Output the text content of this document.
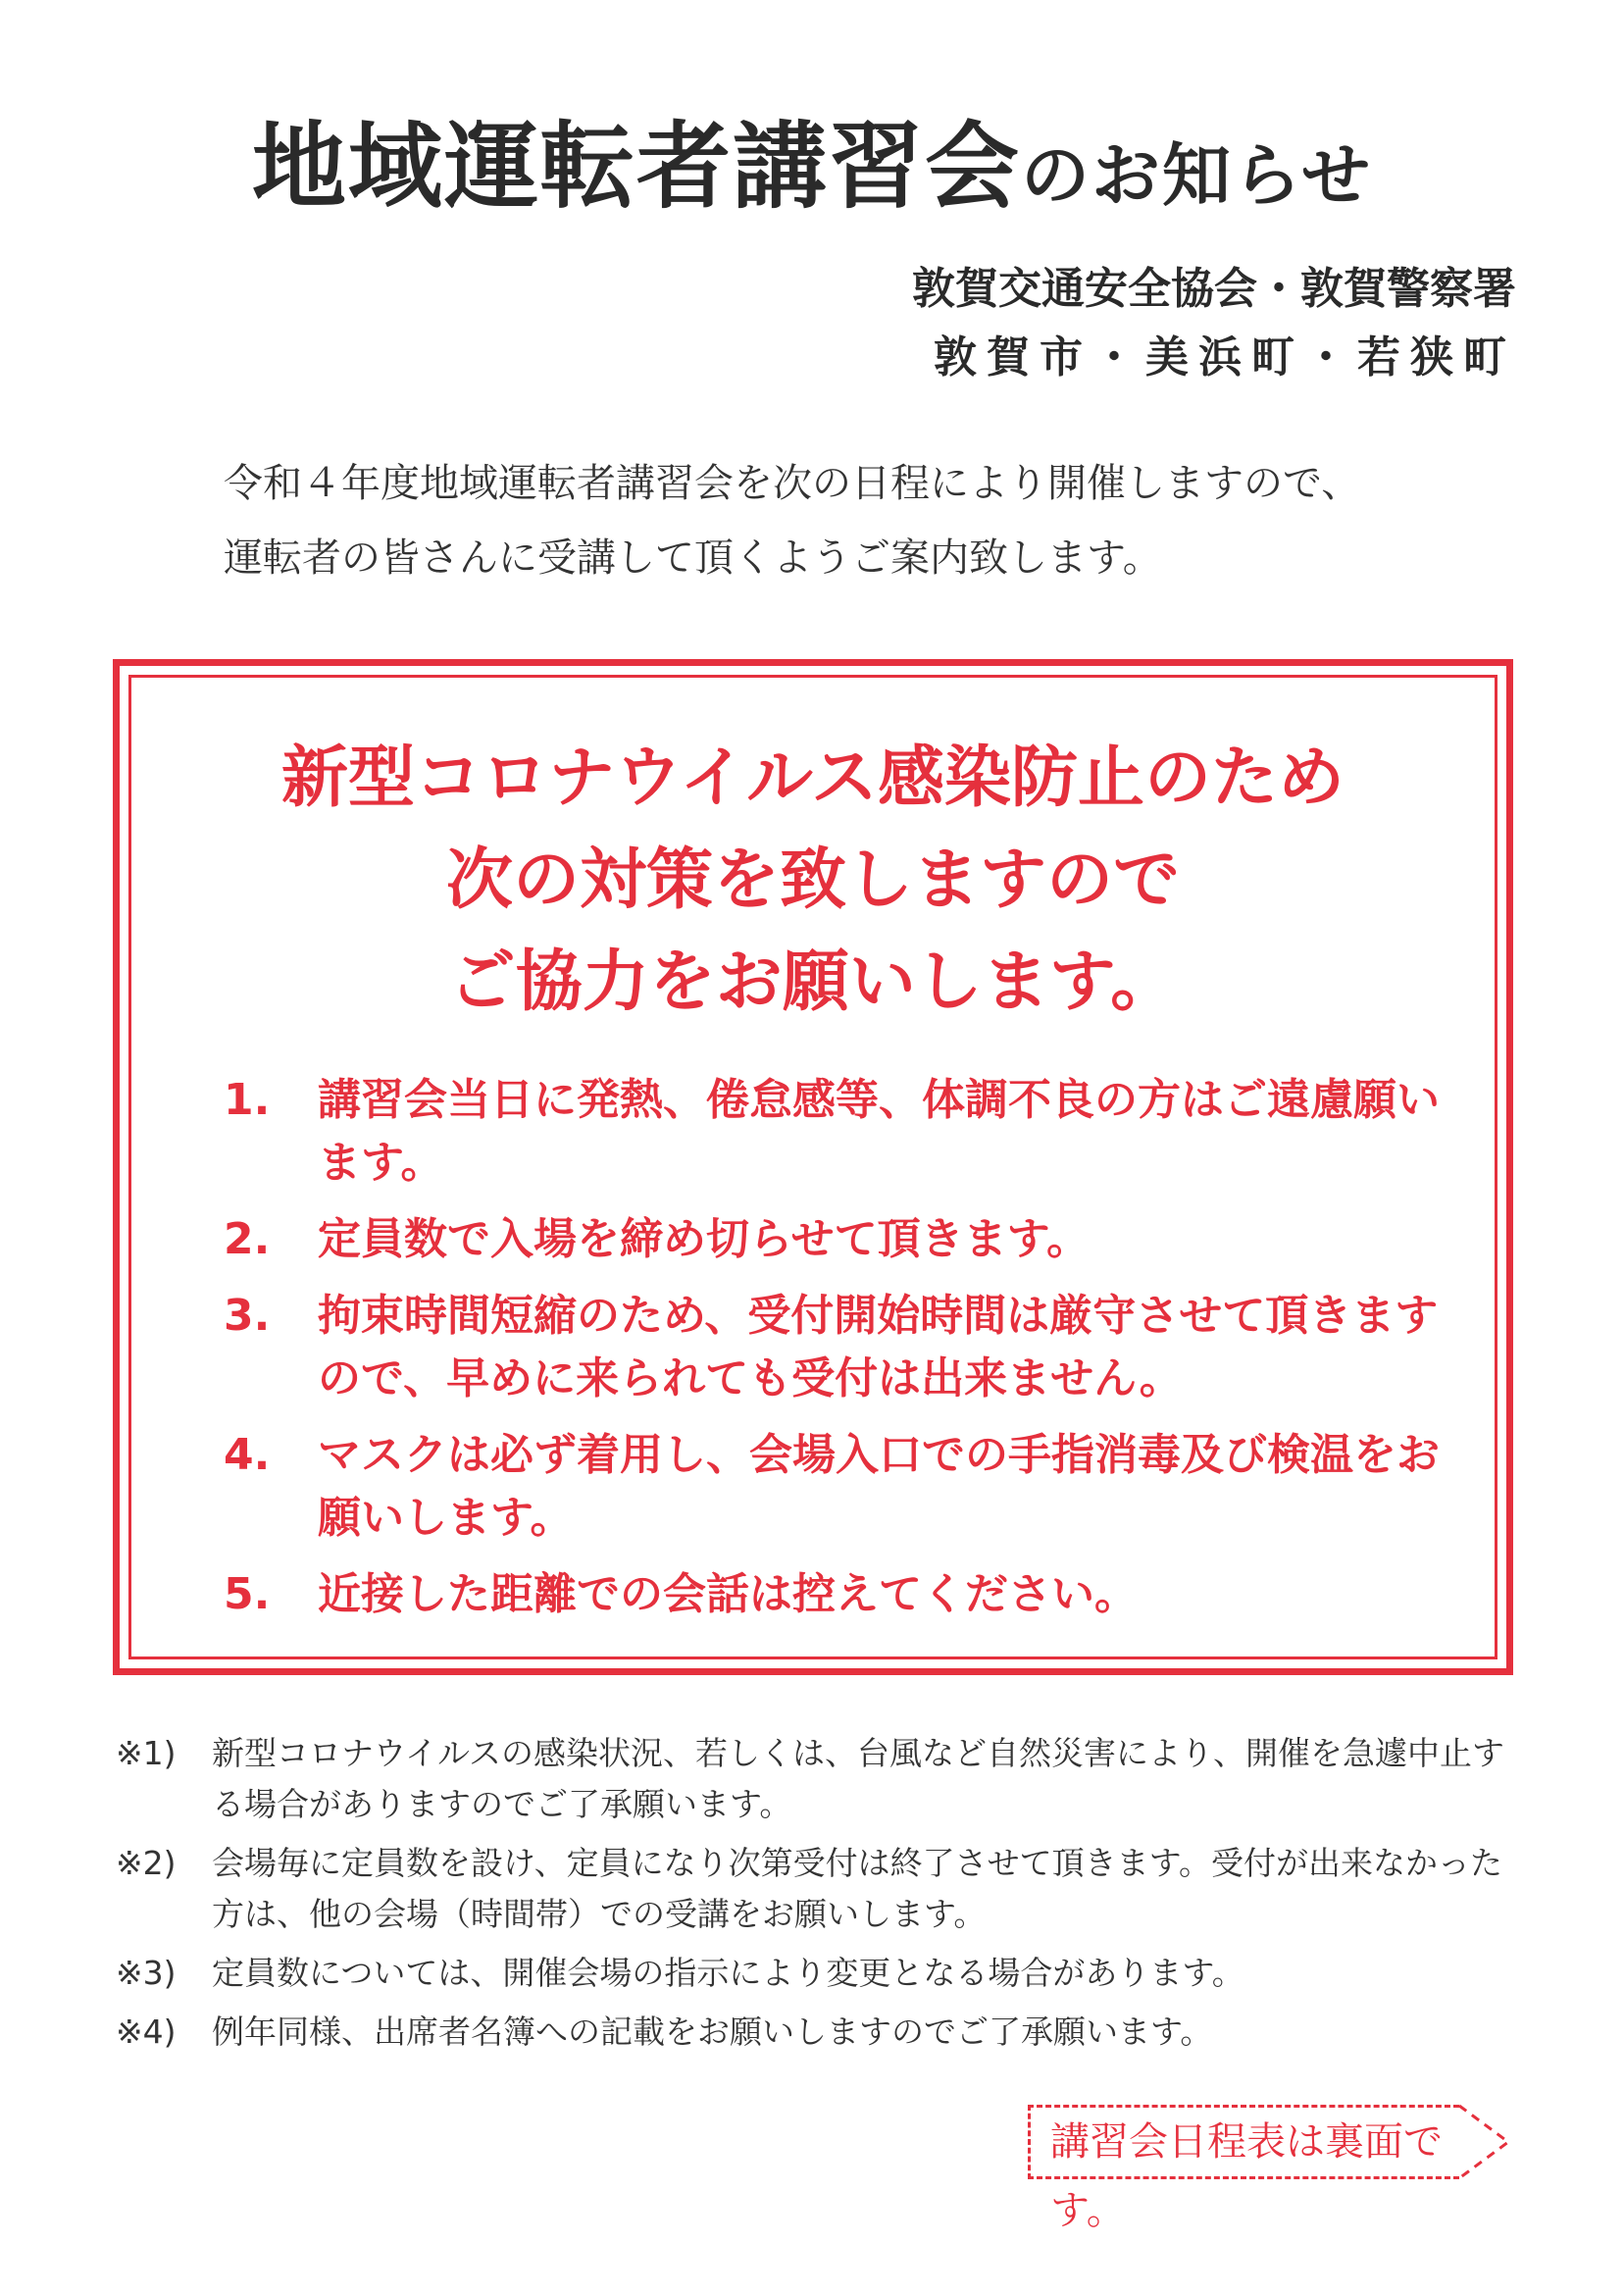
地域運転者講習会のお知らせ
敦賀交通安全協会・敦賀警察署
敦賀市・美浜町・若狭町
令和４年度地域運転者講習会を次の日程により開催しますので、
運転者の皆さんに受講して頂くようご案内致します。
新型コロナウイルス感染防止のため
次の対策を致しますので
ご協力をお願いします。
1.	講習会当日に発熱、倦怠感等、体調不良の方はご遠慮願います。
2.	定員数で入場を締め切らせて頂きます。
3.	拘束時間短縮のため、受付開始時間は厳守させて頂きますので、早めに来られても受付は出来ません。
4.	マスクは必ず着用し、会場入口での手指消毒及び検温をお願いします。
5.	近接した距離での会話は控えてください。
※1)	新型コロナウイルスの感染状況、若しくは、台風など自然災害により、開催を急遽中止する場合がありますのでご了承願います。
※2)	会場毎に定員数を設け、定員になり次第受付は終了させて頂きます。受付が出来なかった方は、他の会場（時間帯）での受講をお願いします。
※3)	定員数については、開催会場の指示により変更となる場合があります。
※4)	例年同様、出席者名簿への記載をお願いしますのでご了承願います。
講習会日程表は裏面です。
